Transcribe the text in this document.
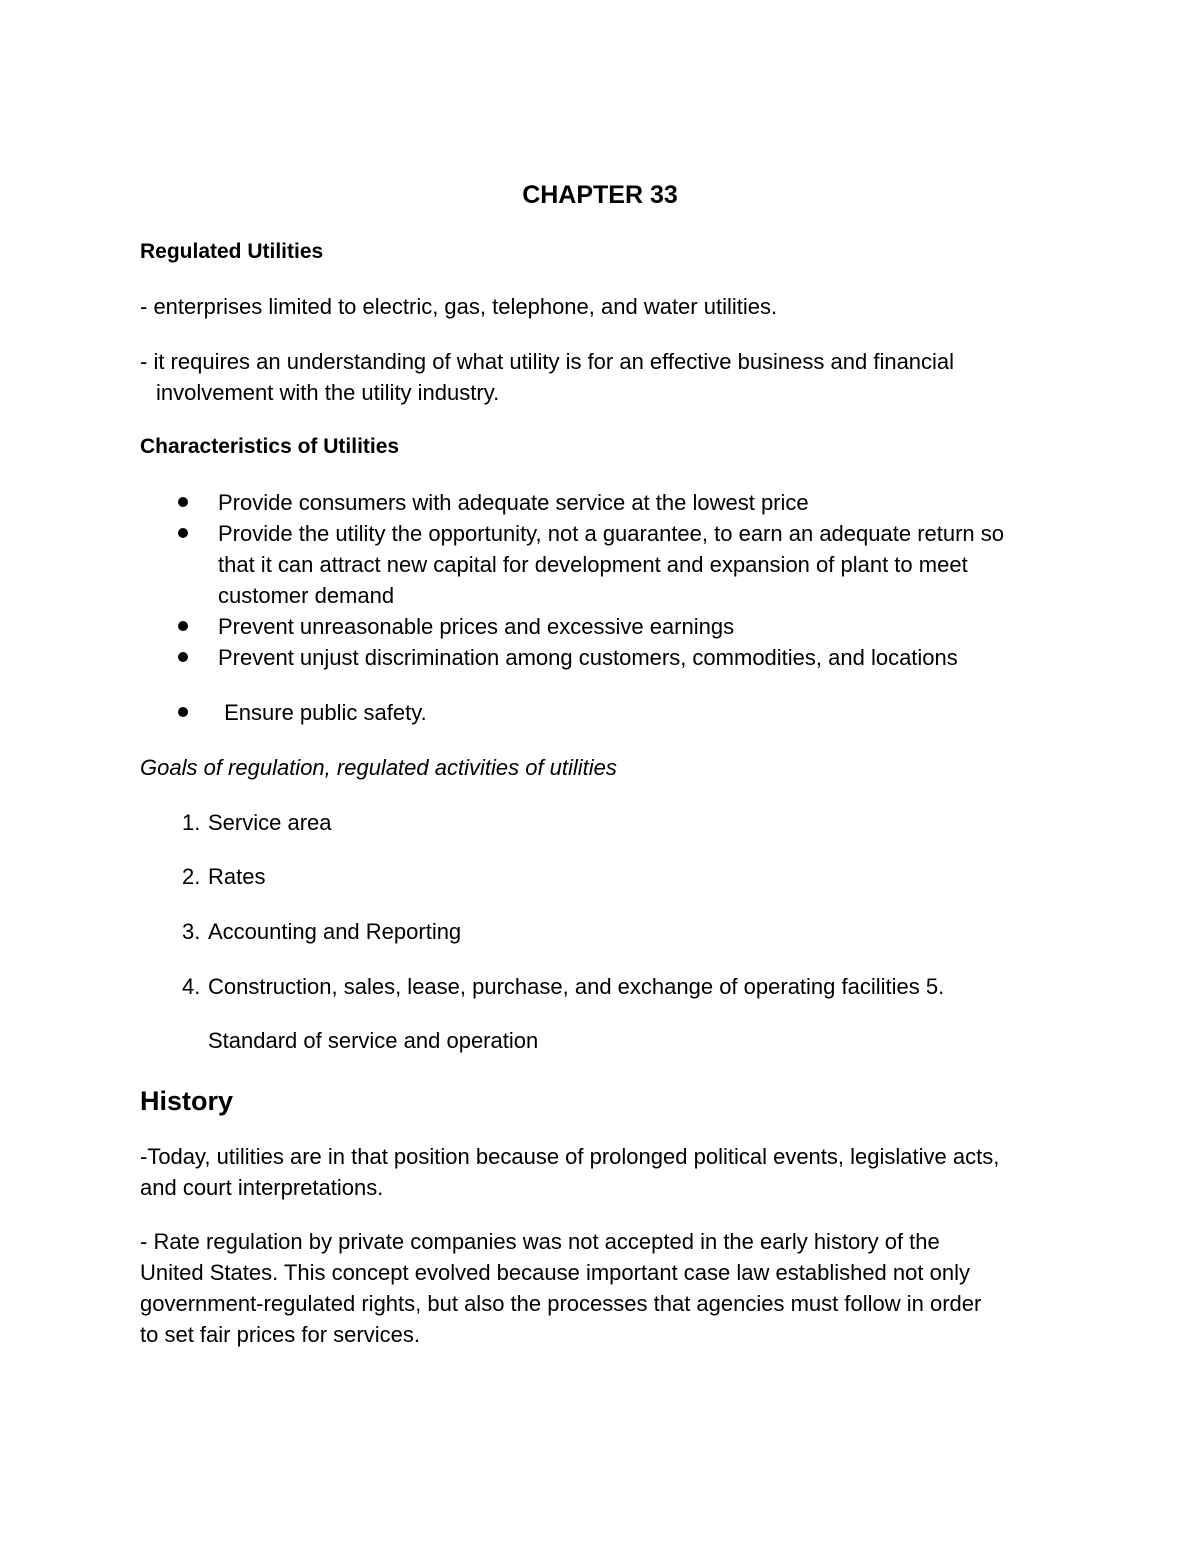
CHAPTER 33
Regulated Utilities
- enterprises limited to electric, gas, telephone, and water utilities.
- it requires an understanding of what utility is for an effective business and financial
involvement with the utility industry.
Characteristics of Utilities
Provide consumers with adequate service at the lowest price
Provide the utility the opportunity, not a guarantee, to earn an adequate return so
that it can attract new capital for development and expansion of plant to meet
customer demand
Prevent unreasonable prices and excessive earnings
Prevent unjust discrimination among customers, commodities, and locations
Ensure public safety.
Goals of regulation, regulated activities of utilities
1. Service area
2. Rates
3. Accounting and Reporting
4. Construction, sales, lease, purchase, and exchange of operating facilities 5.
Standard of service and operation
History
-Today, utilities are in that position because of prolonged political events, legislative acts,
and court interpretations.
- Rate regulation by private companies was not accepted in the early history of the
United States. This concept evolved because important case law established not only
government-regulated rights, but also the processes that agencies must follow in order
to set fair prices for services.
